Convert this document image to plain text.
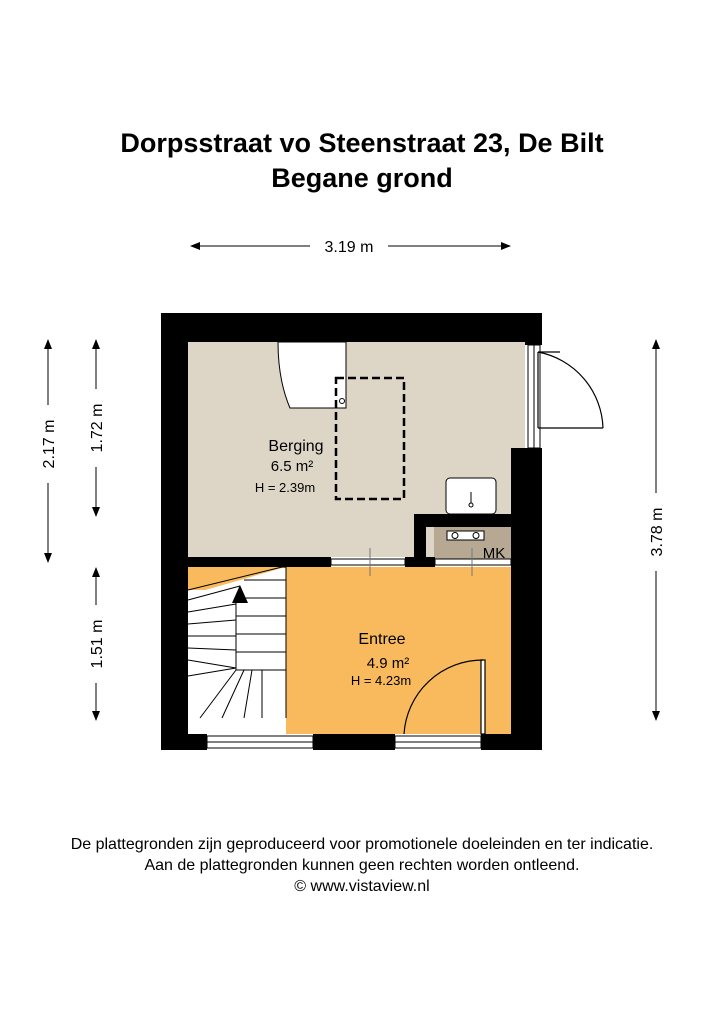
Dorpsstraat vo Steenstraat 23, De Bilt
Begane grond
3.19 m
2.17 m 1.72 m
1.51 m
3.78 m
Berging
6.5 m²
H = 2.39m
Entree
4.9 m²
H = 4.23m
MK
De plattegronden zijn geproduceerd voor promotionele doeleinden en ter indicatie.
Aan de plattegronden kunnen geen rechten worden ontleend.
© www.vistaview.nl
